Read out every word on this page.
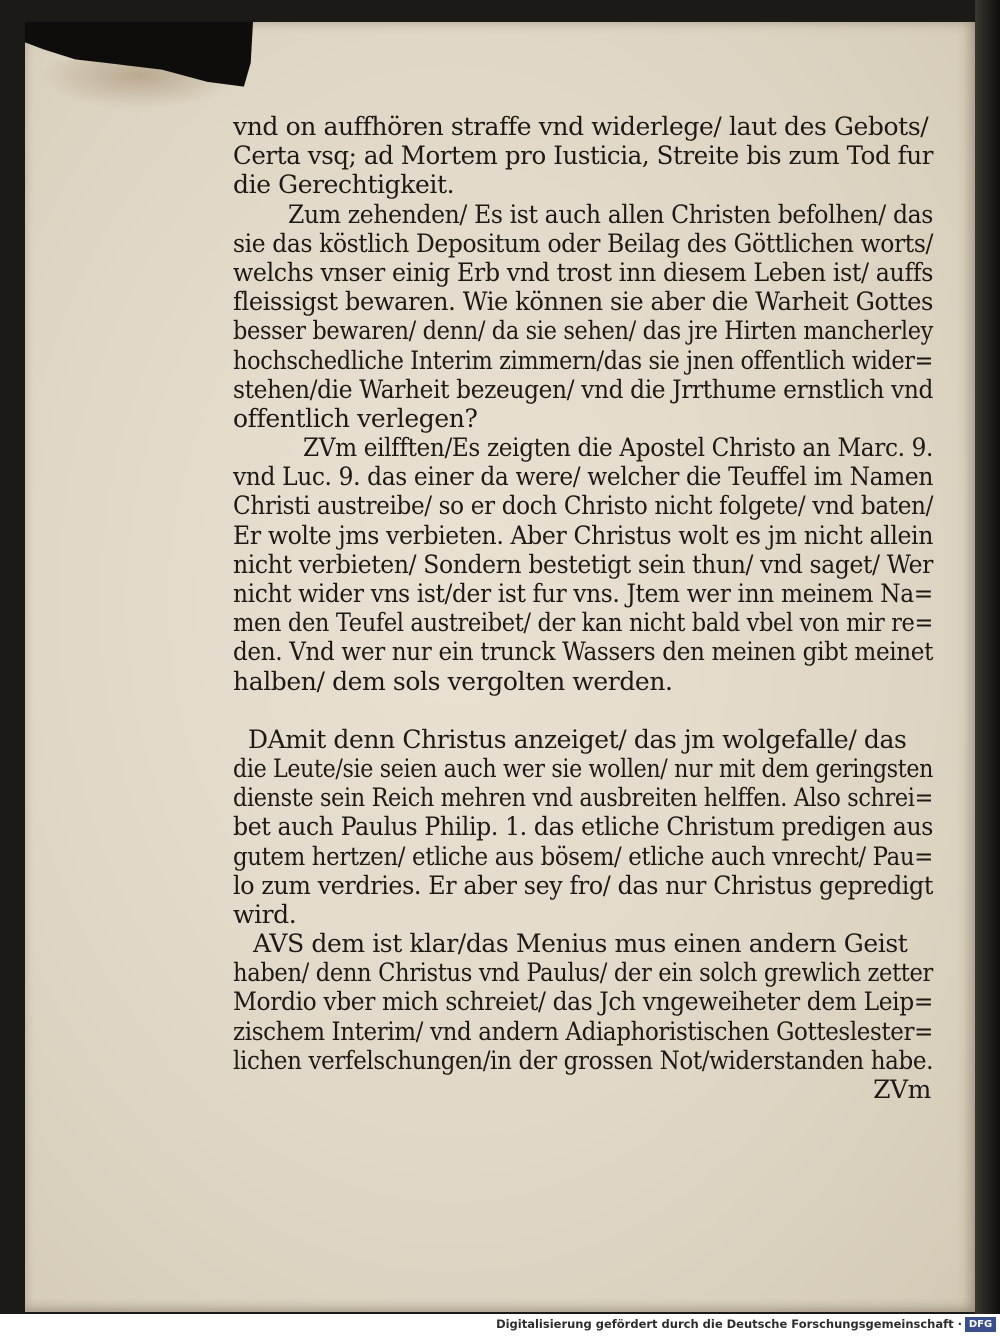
vnd on auffhören straffe vnd widerlege/ laut des Gebots/
Certa vsq; ad Mortem pro Iusticia, Streite bis zum Tod fur
die Gerechtigkeit.
Zum zehenden/ Es ist auch allen Christen befolhen/ das
sie das köstlich Depositum oder Beilag des Göttlichen worts/
welchs vnser einig Erb vnd trost inn diesem Leben ist/ auffs
fleissigst bewaren. Wie können sie aber die Warheit Gottes
besser bewaren/ denn/ da sie sehen/ das jre Hirten mancherley
hochschedliche Interim zimmern/das sie jnen offentlich wider=
stehen/die Warheit bezeugen/ vnd die Jrrthume ernstlich vnd
offentlich verlegen?
ZVm eilfften/Es zeigten die Apostel Christo an Marc. 9.
vnd Luc. 9. das einer da were/ welcher die Teuffel im Namen
Christi austreibe/ so er doch Christo nicht folgete/ vnd baten/
Er wolte jms verbieten. Aber Christus wolt es jm nicht allein
nicht verbieten/ Sondern bestetigt sein thun/ vnd saget/ Wer
nicht wider vns ist/der ist fur vns. Jtem wer inn meinem Na=
men den Teufel austreibet/ der kan nicht bald vbel von mir re=
den. Vnd wer nur ein trunck Wassers den meinen gibt meinet
halben/ dem sols vergolten werden.
DAmit denn Christus anzeiget/ das jm wolgefalle/ das
die Leute/sie seien auch wer sie wollen/ nur mit dem geringsten
dienste sein Reich mehren vnd ausbreiten helffen. Also schrei=
bet auch Paulus Philip. 1. das etliche Christum predigen aus
gutem hertzen/ etliche aus bösem/ etliche auch vnrecht/ Pau=
lo zum verdries. Er aber sey fro/ das nur Christus gepredigt
wird.
AVS dem ist klar/das Menius mus einen andern Geist
haben/ denn Christus vnd Paulus/ der ein solch grewlich zetter
Mordio vber mich schreiet/ das Jch vngeweiheter dem Leip=
zischem Interim/ vnd andern Adiaphoristischen Gotteslester=
lichen verfelschungen/in der grossen Not/widerstanden habe.
ZVm
Digitalisierung gefördert durch die Deutsche Forschungsgemeinschaft · DFG
